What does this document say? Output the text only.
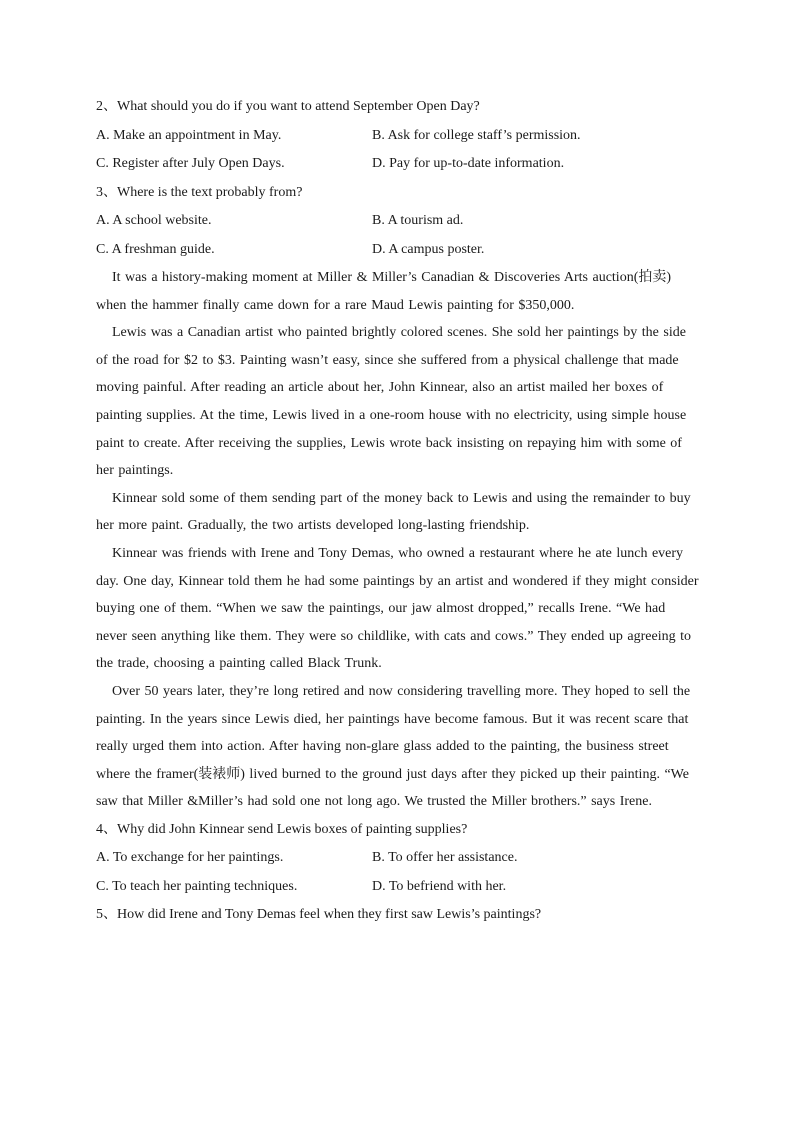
2、What should you do if you want to attend September Open Day?
A. Make an appointment in May.	B. Ask for college staff’s permission.
C. Register after July Open Days.	D. Pay for up-to-date information.
3、Where is the text probably from?
A. A school website.	B. A tourism ad.
C. A freshman guide.	D. A campus poster.

It was a history-making moment at Miller & Miller’s Canadian & Discoveries Arts auction(拍卖) when the hammer finally came down for a rare Maud Lewis painting for $350,000.

Lewis was a Canadian artist who painted brightly colored scenes. She sold her paintings by the side of the road for $2 to $3. Painting wasn’t easy, since she suffered from a physical challenge that made moving painful. After reading an article about her, John Kinnear, also an artist mailed her boxes of painting supplies. At the time, Lewis lived in a one-room house with no electricity, using simple house paint to create. After receiving the supplies, Lewis wrote back insisting on repaying him with some of her paintings.

Kinnear sold some of them sending part of the money back to Lewis and using the remainder to buy her more paint. Gradually, the two artists developed long-lasting friendship.

Kinnear was friends with Irene and Tony Demas, who owned a restaurant where he ate lunch every day. One day, Kinnear told them he had some paintings by an artist and wondered if they might consider buying one of them. “When we saw the paintings, our jaw almost dropped,” recalls Irene. “We had never seen anything like them. They were so childlike, with cats and cows.” They ended up agreeing to the trade, choosing a painting called Black Trunk.

Over 50 years later, they’re long retired and now considering travelling more. They hoped to sell the painting. In the years since Lewis died, her paintings have become famous. But it was recent scare that really urged them into action. After having non-glare glass added to the painting, the business street where the framer(装裱师) lived burned to the ground just days after they picked up their painting. “We saw that Miller &Miller’s had sold one not long ago. We trusted the Miller brothers.” says Irene.

4、Why did John Kinnear send Lewis boxes of painting supplies?
A. To exchange for her paintings.	B. To offer her assistance.
C. To teach her painting techniques.	D. To befriend with her.
5、How did Irene and Tony Demas feel when they first saw Lewis’s paintings?
